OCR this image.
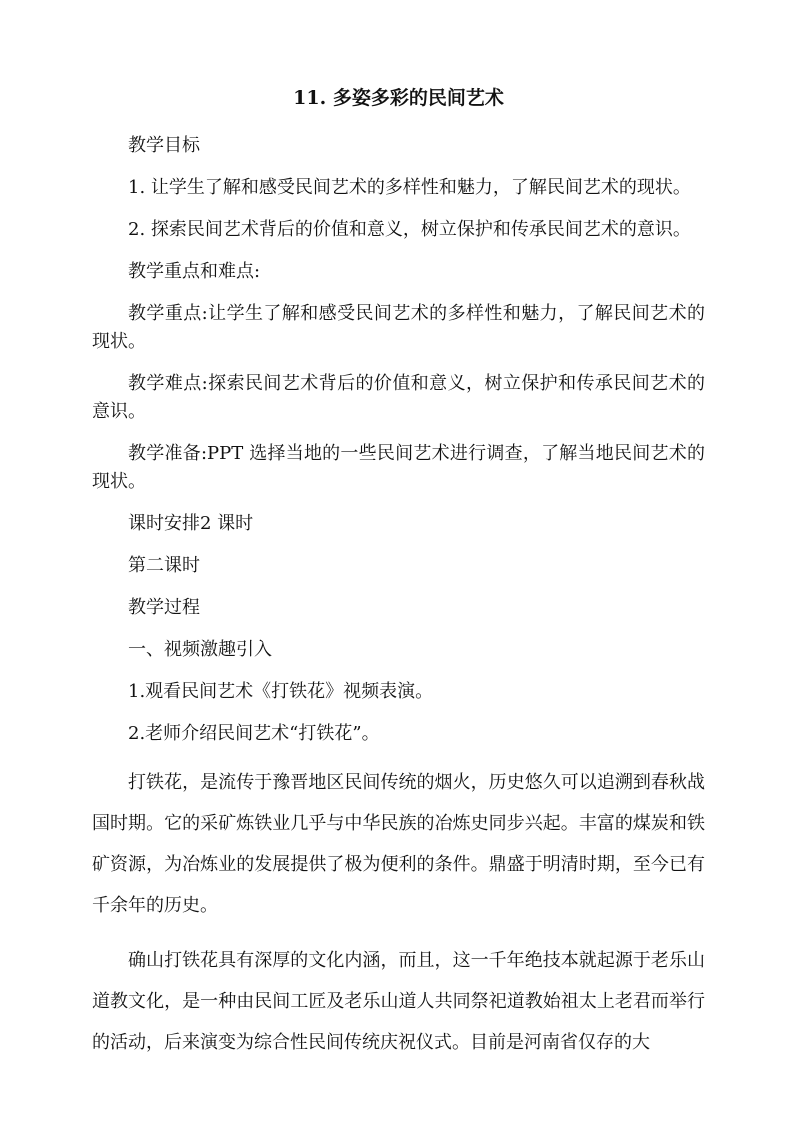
11. 多姿多彩的民间艺术

教学目标

1. 让学生了解和感受民间艺术的多样性和魅力，了解民间艺术的现状。

2. 探索民间艺术背后的价值和意义，树立保护和传承民间艺术的意识。

教学重点和难点:

教学重点:让学生了解和感受民间艺术的多样性和魅力，了解民间艺术的现状。

教学难点:探索民间艺术背后的价值和意义，树立保护和传承民间艺术的意识。

教学准备:PPT 选择当地的一些民间艺术进行调查，了解当地民间艺术的现状。

课时安排2 课时

第二课时

教学过程

一、视频激趣引入

1.观看民间艺术《打铁花》视频表演。

2.老师介绍民间艺术“打铁花”。

打铁花，是流传于豫晋地区民间传统的烟火，历史悠久可以追溯到春秋战国时期。它的采矿炼铁业几乎与中华民族的冶炼史同步兴起。丰富的煤炭和铁矿资源，为冶炼业的发展提供了极为便利的条件。鼎盛于明清时期，至今已有千余年的历史。

确山打铁花具有深厚的文化内涵，而且，这一千年绝技本就起源于老乐山道教文化，是一种由民间工匠及老乐山道人共同祭祀道教始祖太上老君而举行的活动，后来演变为综合性民间传统庆祝仪式。目前是河南省仅存的大
